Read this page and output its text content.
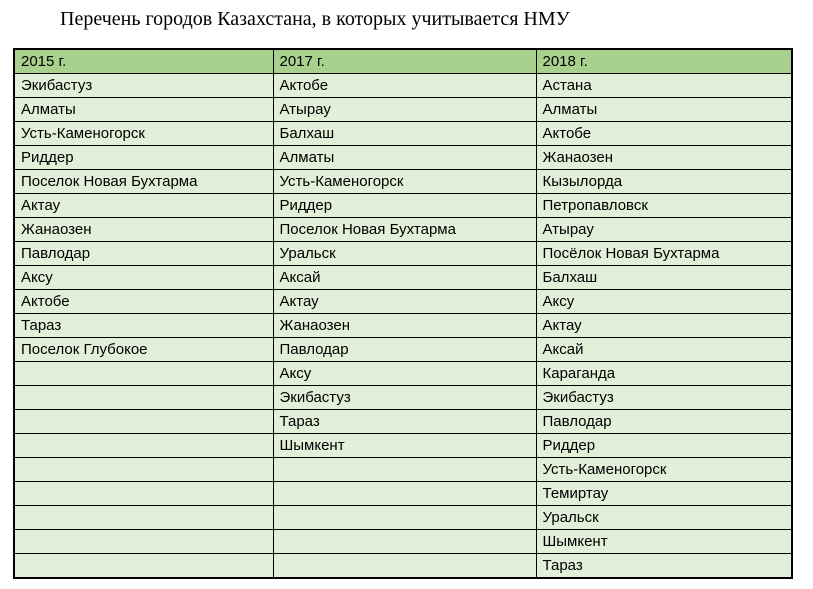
Перечень городов Казахстана, в которых учитывается НМУ
2015 г.	2017 г.	2018 г.
Экибастуз	Актобе	Астана
Алматы	Атырау	Алматы
Усть-Каменогорск	Балхаш	Актобе
Риддер	Алматы	Жанаозен
Поселок Новая Бухтарма	Усть-Каменогорск	Кызылорда
Актау	Риддер	Петропавловск
Жанаозен	Поселок Новая Бухтарма	Атырау
Павлодар	Уральск	Посёлок Новая Бухтарма
Аксу	Аксай	Балхаш
Актобе	Актау	Аксу
Тараз	Жанаозен	Актау
Поселок Глубокое	Павлодар	Аксай
	Аксу	Караганда
	Экибастуз	Экибастуз
	Тараз	Павлодар
	Шымкент	Риддер
		Усть-Каменогорск
		Темиртау
		Уральск
		Шымкент
		Тараз
